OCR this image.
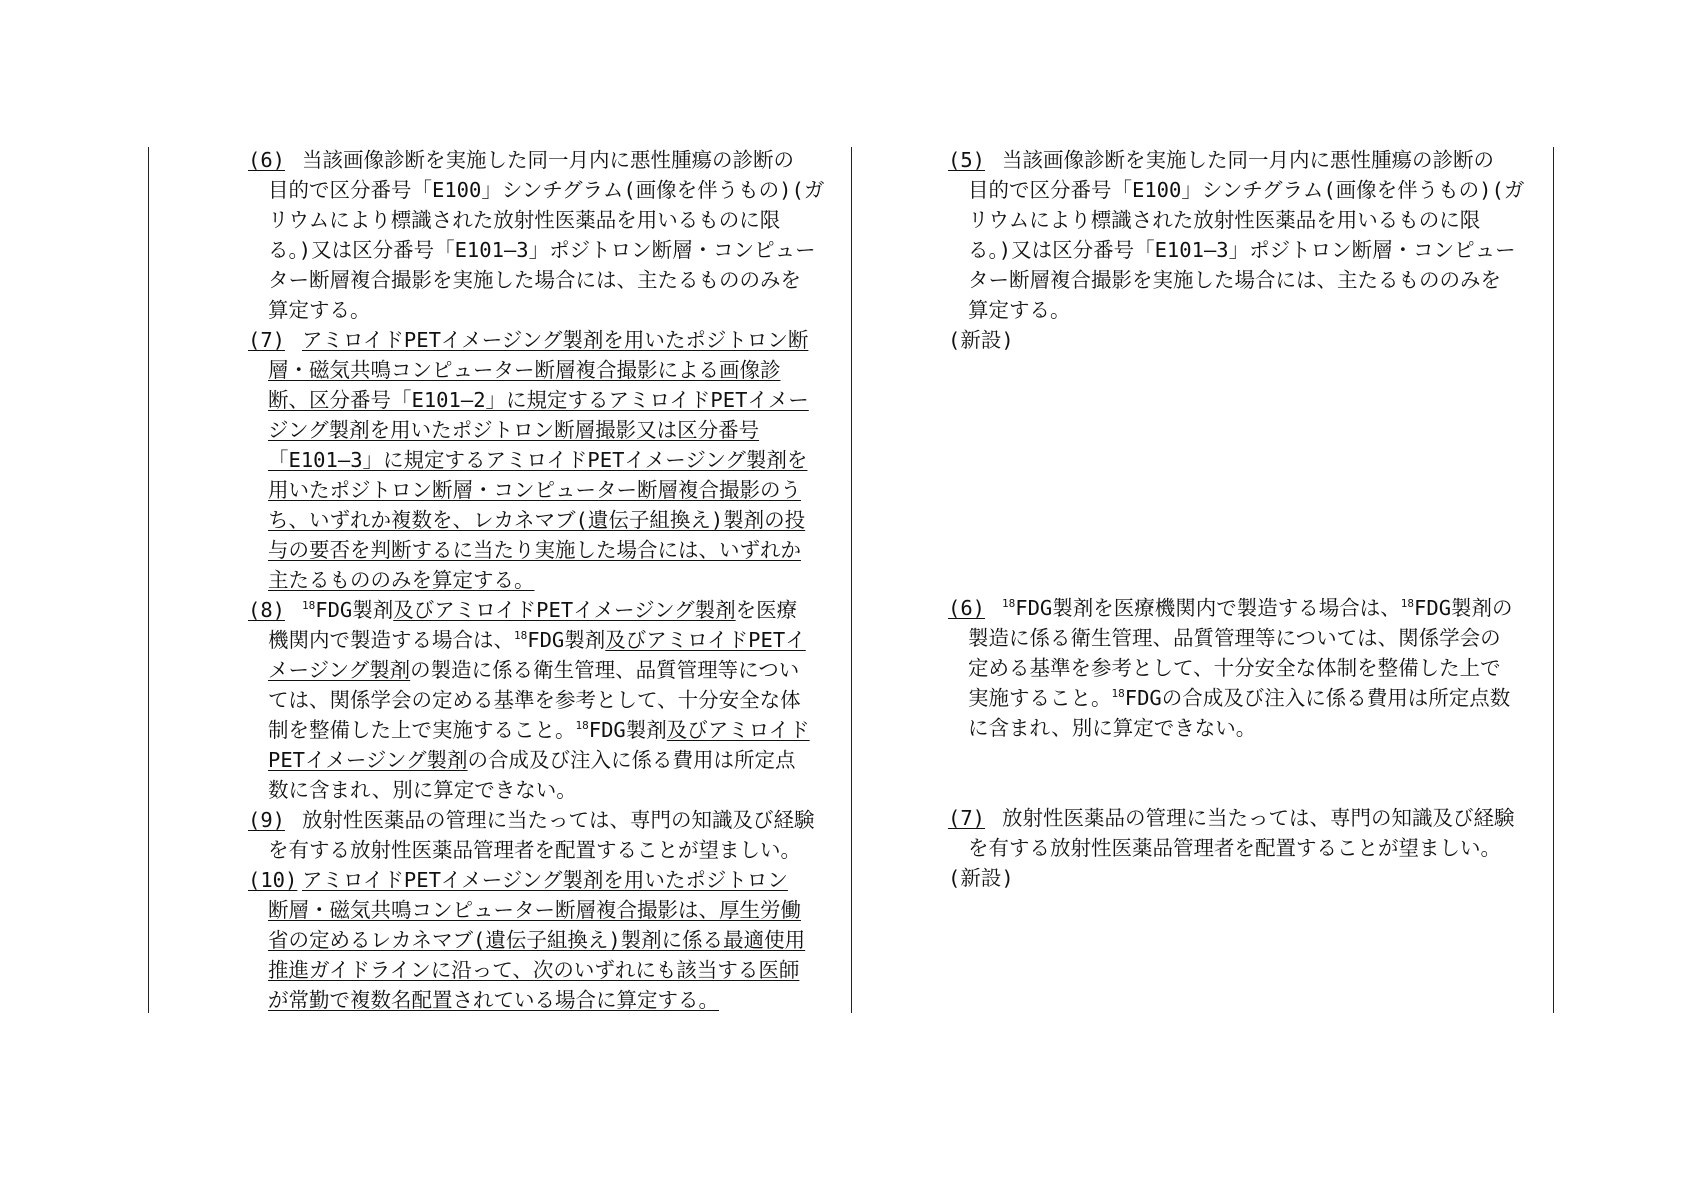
(6) 当該画像診断を実施した同一月内に悪性腫瘍の診断の
目的で区分番号「E100」シンチグラム(画像を伴うもの)(ガ
リウムにより標識された放射性医薬品を用いるものに限
る。)又は区分番号「E101―3」ポジトロン断層・コンピュー
ター断層複合撮影を実施した場合には、主たるもののみを
算定する。
(7) アミロイドPETイメージング製剤を用いたポジトロン断
層・磁気共鳴コンピューター断層複合撮影による画像診
断、区分番号「E101―2」に規定するアミロイドPETイメー
ジング製剤を用いたポジトロン断層撮影又は区分番号
「E101―3」に規定するアミロイドPETイメージング製剤を
用いたポジトロン断層・コンピューター断層複合撮影のう
ち、いずれか複数を、レカネマブ(遺伝子組換え)製剤の投
与の要否を判断するに当たり実施した場合には、いずれか
主たるもののみを算定する。
(8) $^{18}$FDG製剤及びアミロイドPETイメージング製剤を医療
機関内で製造する場合は、$^{18}$FDG製剤及びアミロイドPETイ
メージング製剤の製造に係る衛生管理、品質管理等につい
ては、関係学会の定める基準を参考として、十分安全な体
制を整備した上で実施すること。$^{18}$FDG製剤及びアミロイド
PETイメージング製剤の合成及び注入に係る費用は所定点
数に含まれ、別に算定できない。
(9) 放射性医薬品の管理に当たっては、専門の知識及び経験
を有する放射性医薬品管理者を配置することが望ましい。
(10) アミロイドPETイメージング製剤を用いたポジトロン
断層・磁気共鳴コンピューター断層複合撮影は、厚生労働
省の定めるレカネマブ(遺伝子組換え)製剤に係る最適使用
推進ガイドラインに沿って、次のいずれにも該当する医師
が常勤で複数名配置されている場合に算定する。
(5) 当該画像診断を実施した同一月内に悪性腫瘍の診断の
目的で区分番号「E100」シンチグラム(画像を伴うもの)(ガ
リウムにより標識された放射性医薬品を用いるものに限
る。)又は区分番号「E101―3」ポジトロン断層・コンピュー
ター断層複合撮影を実施した場合には、主たるもののみを
算定する。
(新設)
(6) $^{18}$FDG製剤を医療機関内で製造する場合は、$^{18}$FDG製剤の
製造に係る衛生管理、品質管理等については、関係学会の
定める基準を参考として、十分安全な体制を整備した上で
実施すること。$^{18}$FDGの合成及び注入に係る費用は所定点数
に含まれ、別に算定できない。
(7) 放射性医薬品の管理に当たっては、専門の知識及び経験
を有する放射性医薬品管理者を配置することが望ましい。
(新設)
